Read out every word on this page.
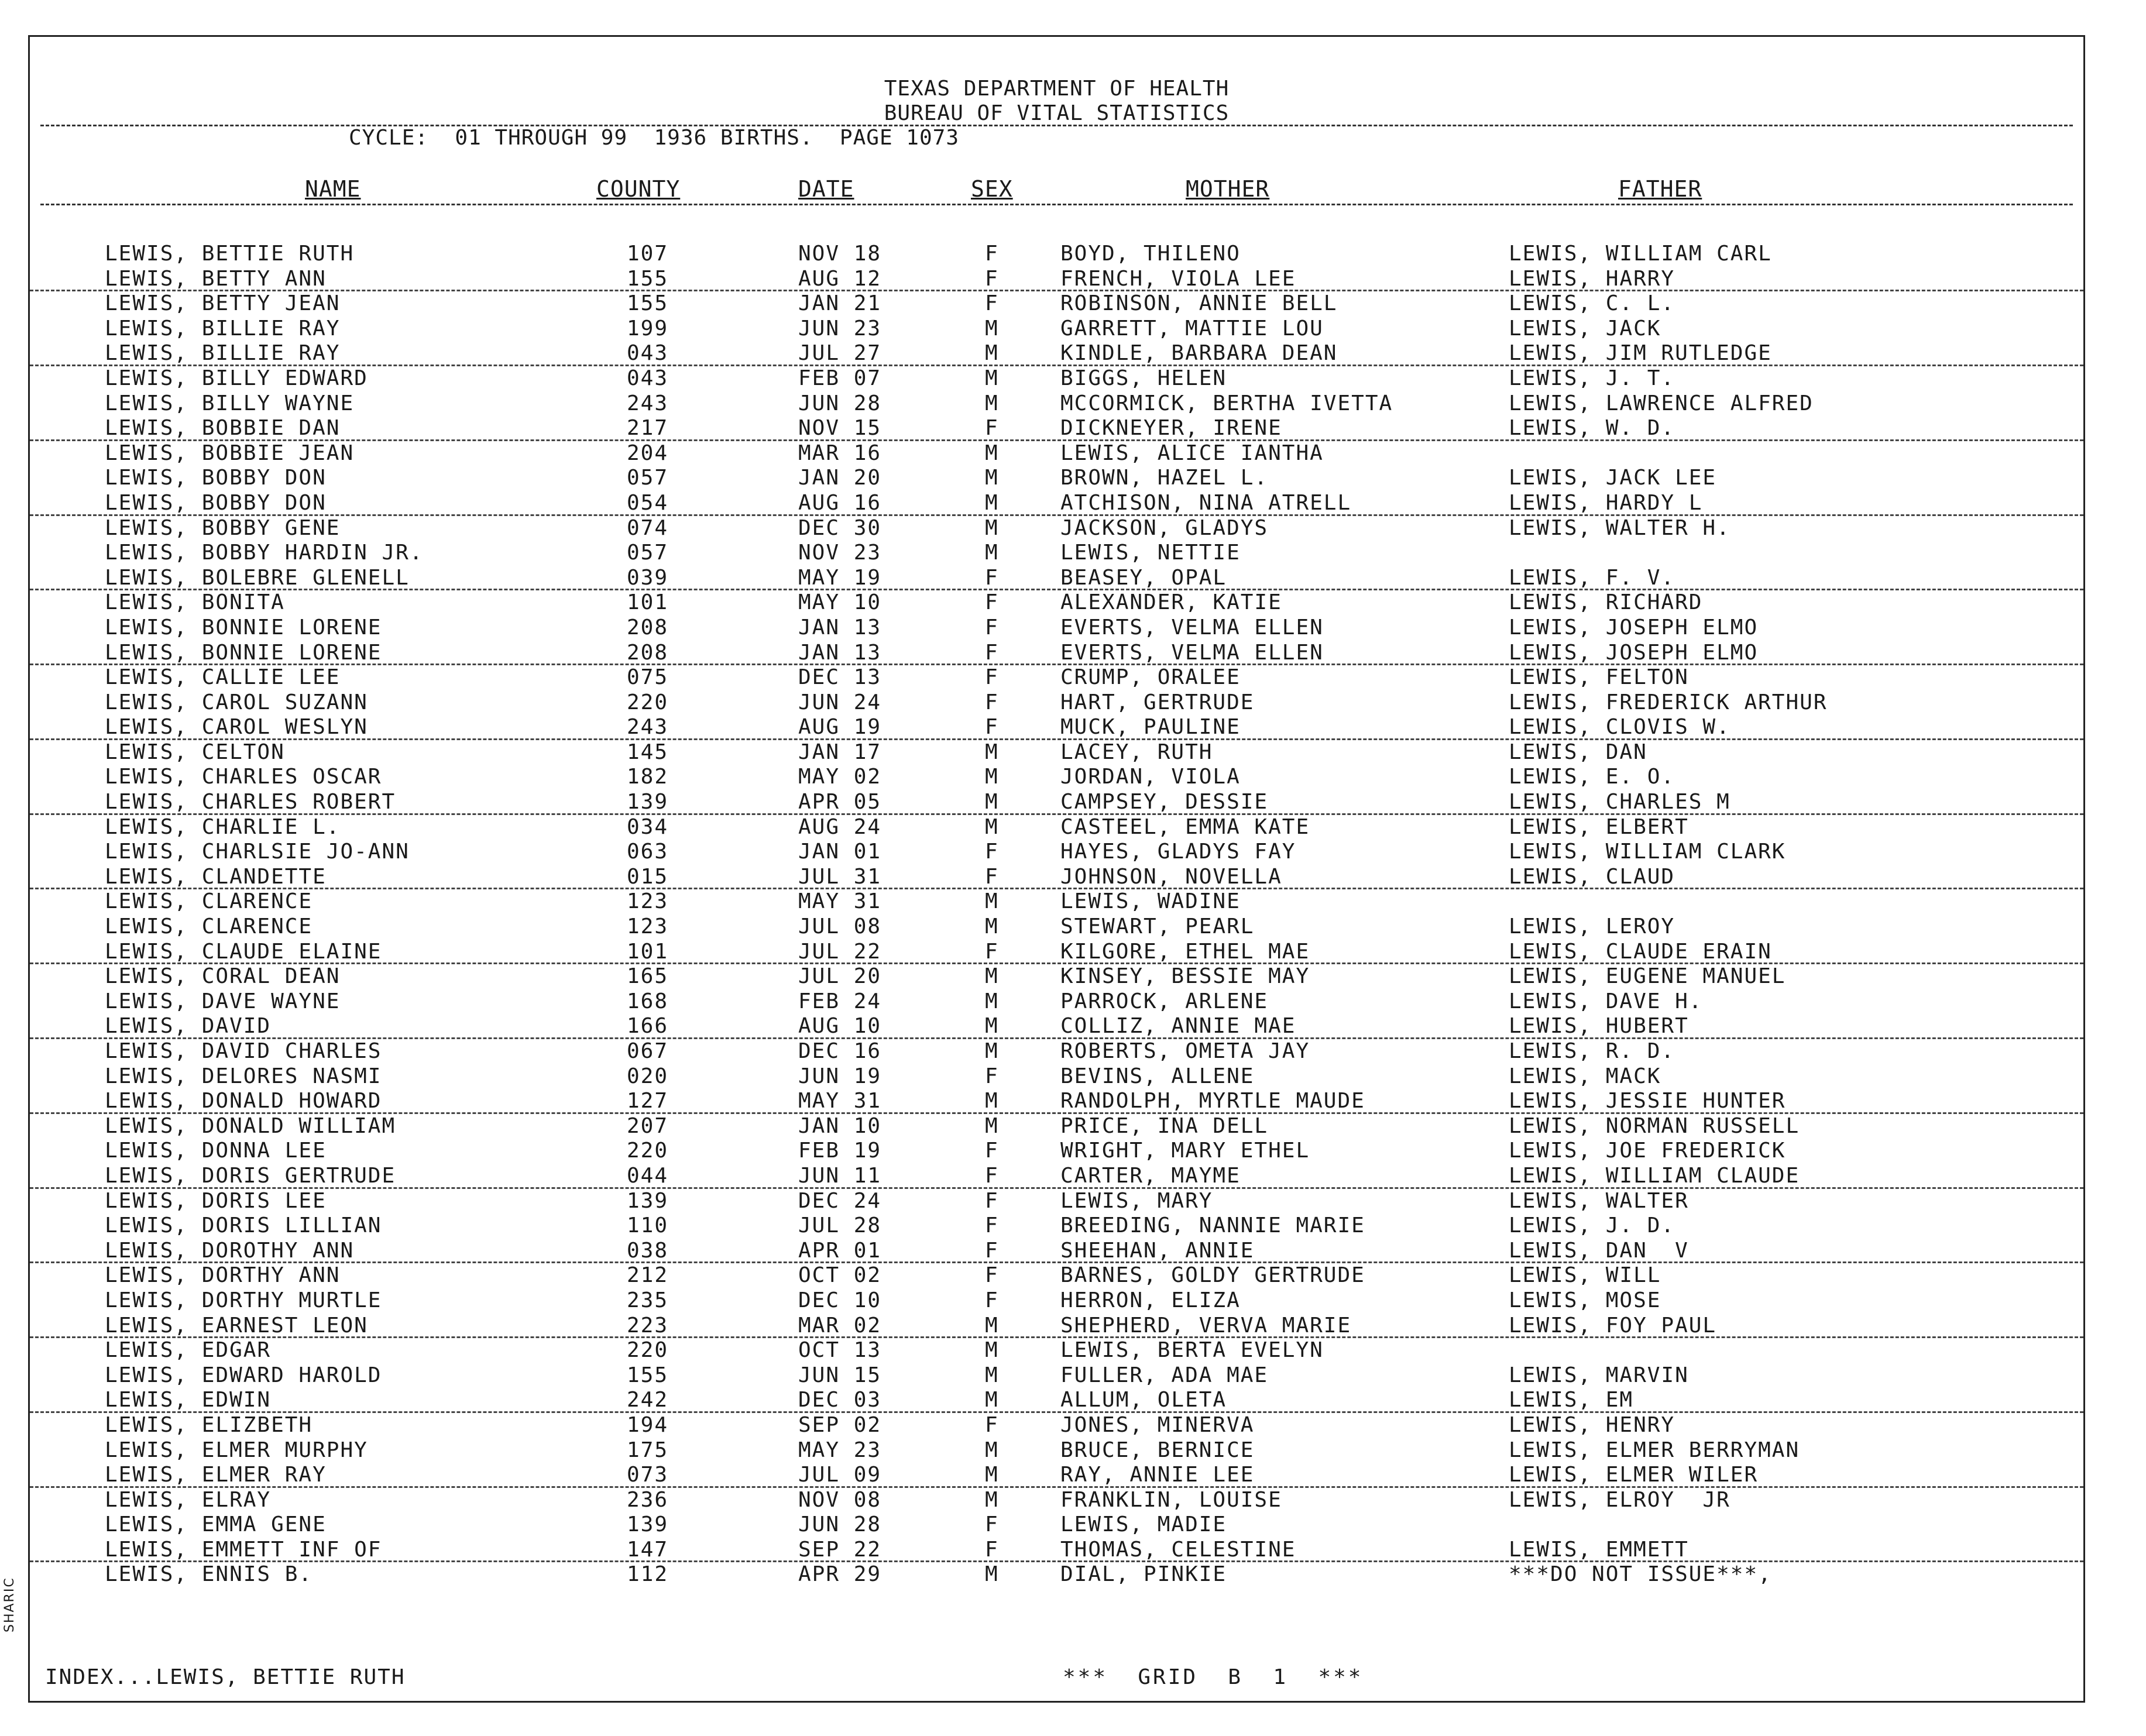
TEXAS DEPARTMENT OF HEALTH
BUREAU OF VITAL STATISTICS
CYCLE:  01 THROUGH 99  1936 BIRTHS.  PAGE 1073
NAME	COUNTY	DATE	SEX	MOTHER	FATHER
LEWIS, BETTIE RUTH	107	NOV 18	F	BOYD, THILENO	LEWIS, WILLIAM CARL
LEWIS, BETTY ANN	155	AUG 12	F	FRENCH, VIOLA LEE	LEWIS, HARRY
LEWIS, BETTY JEAN	155	JAN 21	F	ROBINSON, ANNIE BELL	LEWIS, C. L.
LEWIS, BILLIE RAY	199	JUN 23	M	GARRETT, MATTIE LOU	LEWIS, JACK
LEWIS, BILLIE RAY	043	JUL 27	M	KINDLE, BARBARA DEAN	LEWIS, JIM RUTLEDGE
LEWIS, BILLY EDWARD	043	FEB 07	M	BIGGS, HELEN	LEWIS, J. T.
LEWIS, BILLY WAYNE	243	JUN 28	M	MCCORMICK, BERTHA IVETTA	LEWIS, LAWRENCE ALFRED
LEWIS, BOBBIE DAN	217	NOV 15	F	DICKNEYER, IRENE	LEWIS, W. D.
LEWIS, BOBBIE JEAN	204	MAR 16	M	LEWIS, ALICE IANTHA
LEWIS, BOBBY DON	057	JAN 20	M	BROWN, HAZEL L.	LEWIS, JACK LEE
LEWIS, BOBBY DON	054	AUG 16	M	ATCHISON, NINA ATRELL	LEWIS, HARDY L
LEWIS, BOBBY GENE	074	DEC 30	M	JACKSON, GLADYS	LEWIS, WALTER H.
LEWIS, BOBBY HARDIN JR.	057	NOV 23	M	LEWIS, NETTIE
LEWIS, BOLEBRE GLENELL	039	MAY 19	F	BEASEY, OPAL	LEWIS, F. V.
LEWIS, BONITA	101	MAY 10	F	ALEXANDER, KATIE	LEWIS, RICHARD
LEWIS, BONNIE LORENE	208	JAN 13	F	EVERTS, VELMA ELLEN	LEWIS, JOSEPH ELMO
LEWIS, BONNIE LORENE	208	JAN 13	F	EVERTS, VELMA ELLEN	LEWIS, JOSEPH ELMO
LEWIS, CALLIE LEE	075	DEC 13	F	CRUMP, ORALEE	LEWIS, FELTON
LEWIS, CAROL SUZANN	220	JUN 24	F	HART, GERTRUDE	LEWIS, FREDERICK ARTHUR
LEWIS, CAROL WESLYN	243	AUG 19	F	MUCK, PAULINE	LEWIS, CLOVIS W.
LEWIS, CELTON	145	JAN 17	M	LACEY, RUTH	LEWIS, DAN
LEWIS, CHARLES OSCAR	182	MAY 02	M	JORDAN, VIOLA	LEWIS, E. O.
LEWIS, CHARLES ROBERT	139	APR 05	M	CAMPSEY, DESSIE	LEWIS, CHARLES M
LEWIS, CHARLIE L.	034	AUG 24	M	CASTEEL, EMMA KATE	LEWIS, ELBERT
LEWIS, CHARLSIE JO-ANN	063	JAN 01	F	HAYES, GLADYS FAY	LEWIS, WILLIAM CLARK
LEWIS, CLANDETTE	015	JUL 31	F	JOHNSON, NOVELLA	LEWIS, CLAUD
LEWIS, CLARENCE	123	MAY 31	M	LEWIS, WADINE
LEWIS, CLARENCE	123	JUL 08	M	STEWART, PEARL	LEWIS, LEROY
LEWIS, CLAUDE ELAINE	101	JUL 22	F	KILGORE, ETHEL MAE	LEWIS, CLAUDE ERAIN
LEWIS, CORAL DEAN	165	JUL 20	M	KINSEY, BESSIE MAY	LEWIS, EUGENE MANUEL
LEWIS, DAVE WAYNE	168	FEB 24	M	PARROCK, ARLENE	LEWIS, DAVE H.
LEWIS, DAVID	166	AUG 10	M	COLLIZ, ANNIE MAE	LEWIS, HUBERT
LEWIS, DAVID CHARLES	067	DEC 16	M	ROBERTS, OMETA JAY	LEWIS, R. D.
LEWIS, DELORES NASMI	020	JUN 19	F	BEVINS, ALLENE	LEWIS, MACK
LEWIS, DONALD HOWARD	127	MAY 31	M	RANDOLPH, MYRTLE MAUDE	LEWIS, JESSIE HUNTER
LEWIS, DONALD WILLIAM	207	JAN 10	M	PRICE, INA DELL	LEWIS, NORMAN RUSSELL
LEWIS, DONNA LEE	220	FEB 19	F	WRIGHT, MARY ETHEL	LEWIS, JOE FREDERICK
LEWIS, DORIS GERTRUDE	044	JUN 11	F	CARTER, MAYME	LEWIS, WILLIAM CLAUDE
LEWIS, DORIS LEE	139	DEC 24	F	LEWIS, MARY	LEWIS, WALTER
LEWIS, DORIS LILLIAN	110	JUL 28	F	BREEDING, NANNIE MARIE	LEWIS, J. D.
LEWIS, DOROTHY ANN	038	APR 01	F	SHEEHAN, ANNIE	LEWIS, DAN  V
LEWIS, DORTHY ANN	212	OCT 02	F	BARNES, GOLDY GERTRUDE	LEWIS, WILL
LEWIS, DORTHY MURTLE	235	DEC 10	F	HERRON, ELIZA	LEWIS, MOSE
LEWIS, EARNEST LEON	223	MAR 02	M	SHEPHERD, VERVA MARIE	LEWIS, FOY PAUL
LEWIS, EDGAR	220	OCT 13	M	LEWIS, BERTA EVELYN
LEWIS, EDWARD HAROLD	155	JUN 15	M	FULLER, ADA MAE	LEWIS, MARVIN
LEWIS, EDWIN	242	DEC 03	M	ALLUM, OLETA	LEWIS, EM
LEWIS, ELIZBETH	194	SEP 02	F	JONES, MINERVA	LEWIS, HENRY
LEWIS, ELMER MURPHY	175	MAY 23	M	BRUCE, BERNICE	LEWIS, ELMER BERRYMAN
LEWIS, ELMER RAY	073	JUL 09	M	RAY, ANNIE LEE	LEWIS, ELMER WILER
LEWIS, ELRAY	236	NOV 08	M	FRANKLIN, LOUISE	LEWIS, ELROY  JR
LEWIS, EMMA GENE	139	JUN 28	F	LEWIS, MADIE
LEWIS, EMMETT INF OF	147	SEP 22	F	THOMAS, CELESTINE	LEWIS, EMMETT
LEWIS, ENNIS B.	112	APR 29	M	DIAL, PINKIE	***DO NOT ISSUE***,
INDEX...LEWIS, BETTIE RUTH	***  GRID  B  1  ***
SHARIC
